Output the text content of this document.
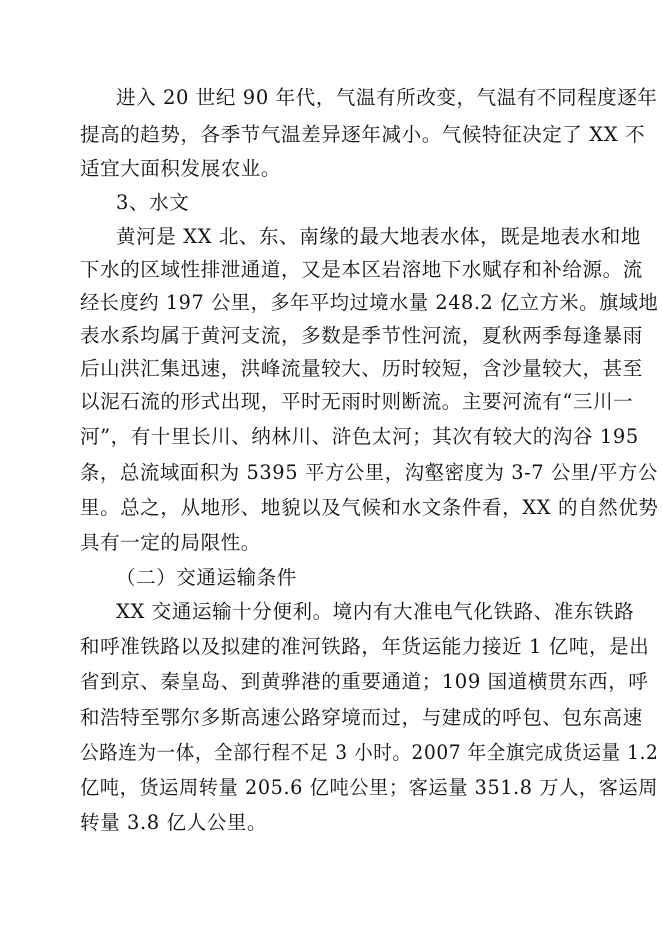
进入 20 世纪 90 年代，气温有所改变，气温有不同程度逐年
提高的趋势，各季节气温差异逐年减小。气候特征决定了 XX 不
适宜大面积发展农业。
3、水文
黄河是 XX 北、东、南缘的最大地表水体，既是地表水和地
下水的区域性排泄通道，又是本区岩溶地下水赋存和补给源。流
经长度约 197 公里，多年平均过境水量 248.2 亿立方米。旗域地
表水系均属于黄河支流，多数是季节性河流，夏秋两季每逢暴雨
后山洪汇集迅速，洪峰流量较大、历时较短，含沙量较大，甚至
以泥石流的形式出现，平时无雨时则断流。主要河流有“三川一
河”，有十里长川、纳林川、浒色太河；其次有较大的沟谷 195
条，总流域面积为 5395 平方公里，沟壑密度为 3-7 公里/平方公
里。总之，从地形、地貌以及气候和水文条件看，XX 的自然优势
具有一定的局限性。
（二）交通运输条件
XX 交通运输十分便利。境内有大准电气化铁路、准东铁路
和呼准铁路以及拟建的准河铁路，年货运能力接近 1 亿吨，是出
省到京、秦皇岛、到黄骅港的重要通道；109 国道横贯东西，呼
和浩特至鄂尔多斯高速公路穿境而过，与建成的呼包、包东高速
公路连为一体，全部行程不足 3 小时。2007 年全旗完成货运量 1.2
亿吨，货运周转量 205.6 亿吨公里；客运量 351.8 万人，客运周
转量 3.8 亿人公里。
